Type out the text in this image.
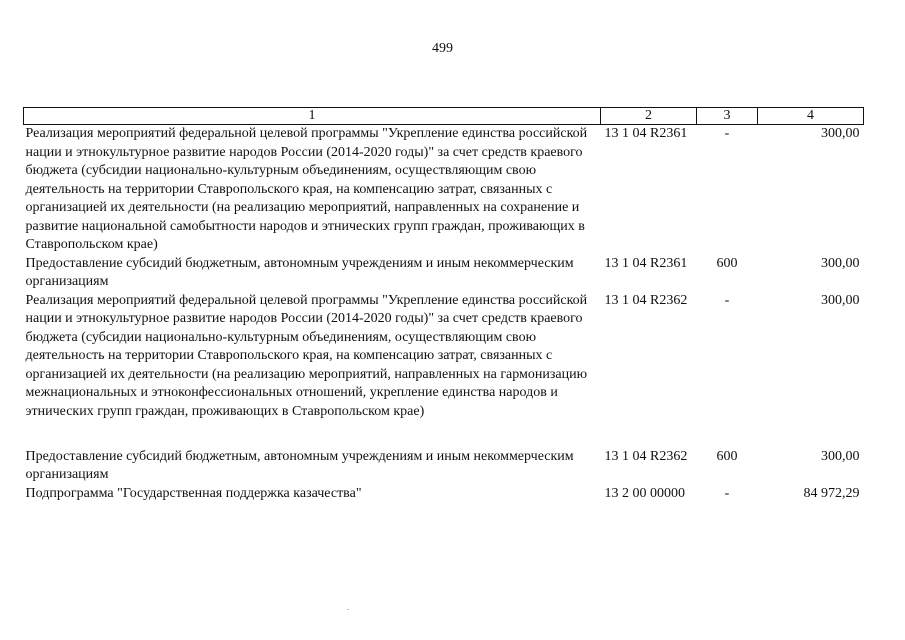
499
1	2	3	4
Реализация мероприятий федеральной целевой программы "Укрепление единства российской нации и этнокультурное развитие народов России (2014-2020 годы)" за счет средств краевого бюджета (субсидии национально-культурным объединениям, осуществляющим свою деятельность на территории Ставропольского края, на компенсацию затрат, связанных с организацией их деятельности (на реализацию мероприятий, направленных на сохранение и развитие национальной самобытности народов и этнических групп граждан, проживающих в Ставропольском крае)	13 1 04 R2361	-	300,00
Предоставление субсидий бюджетным, автономным учреждениям и иным некоммерческим организациям	13 1 04 R2361	600	300,00
Реализация мероприятий федеральной целевой программы "Укрепление единства российской нации и этнокультурное развитие народов России (2014-2020 годы)" за счет средств краевого бюджета (субсидии национально-культурным объединениям, осуществляющим свою деятельность на территории Ставропольского края, на компенсацию затрат, связанных с организацией их деятельности (на реализацию мероприятий, направленных на гармонизацию межнациональных и этноконфессиональных отношений, укрепление единства народов и этнических групп граждан, проживающих в Ставропольском крае)	13 1 04 R2362	-	300,00
Предоставление субсидий бюджетным, автономным учреждениям и иным некоммерческим организациям	13 1 04 R2362	600	300,00
Подпрограмма "Государственная поддержка казачества"	13 2 00 00000	-	84 972,29
